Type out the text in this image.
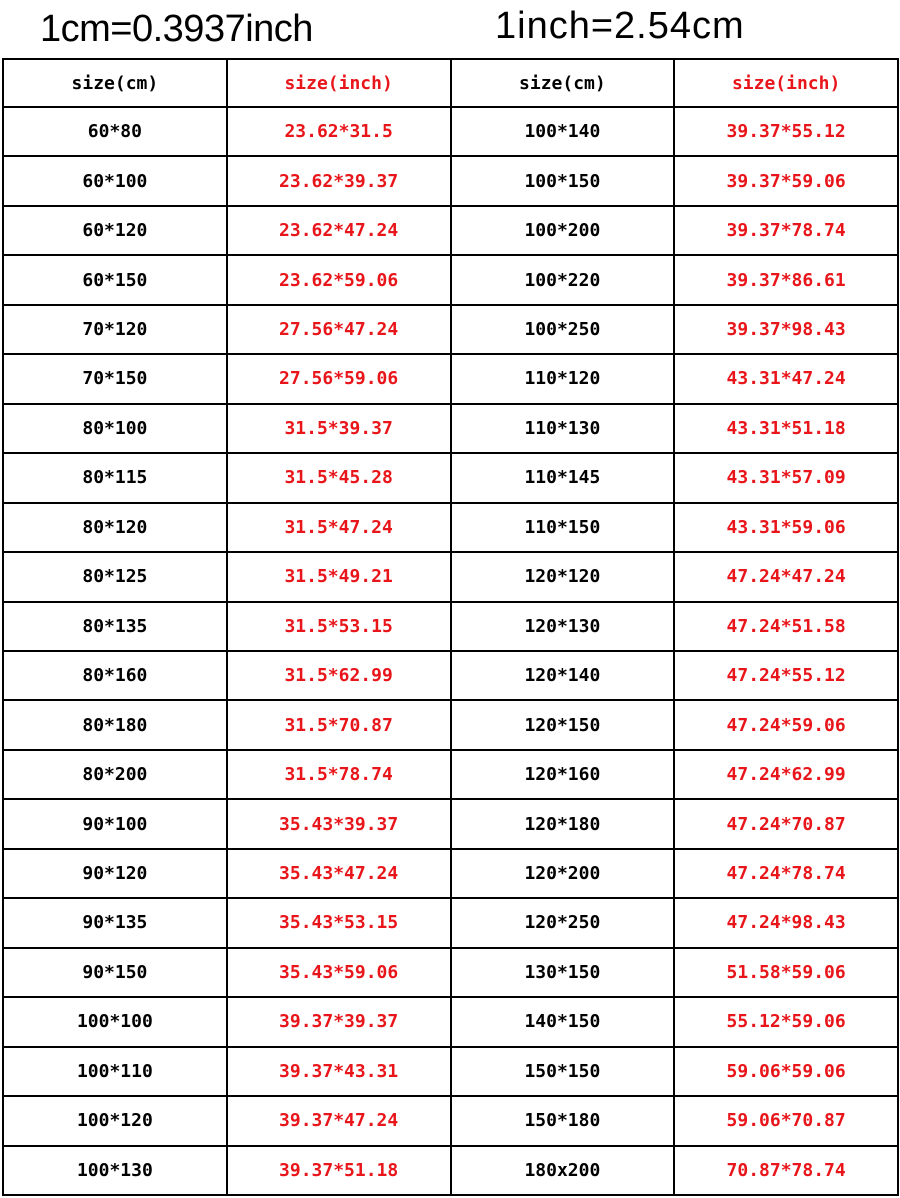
1cm=0.3937inch	1inch=2.54cm
size(cm)	size(inch)	size(cm)	size(inch)
60*80	23.62*31.5	100*140	39.37*55.12
60*100	23.62*39.37	100*150	39.37*59.06
60*120	23.62*47.24	100*200	39.37*78.74
60*150	23.62*59.06	100*220	39.37*86.61
70*120	27.56*47.24	100*250	39.37*98.43
70*150	27.56*59.06	110*120	43.31*47.24
80*100	31.5*39.37	110*130	43.31*51.18
80*115	31.5*45.28	110*145	43.31*57.09
80*120	31.5*47.24	110*150	43.31*59.06
80*125	31.5*49.21	120*120	47.24*47.24
80*135	31.5*53.15	120*130	47.24*51.58
80*160	31.5*62.99	120*140	47.24*55.12
80*180	31.5*70.87	120*150	47.24*59.06
80*200	31.5*78.74	120*160	47.24*62.99
90*100	35.43*39.37	120*180	47.24*70.87
90*120	35.43*47.24	120*200	47.24*78.74
90*135	35.43*53.15	120*250	47.24*98.43
90*150	35.43*59.06	130*150	51.58*59.06
100*100	39.37*39.37	140*150	55.12*59.06
100*110	39.37*43.31	150*150	59.06*59.06
100*120	39.37*47.24	150*180	59.06*70.87
100*130	39.37*51.18	180x200	70.87*78.74
